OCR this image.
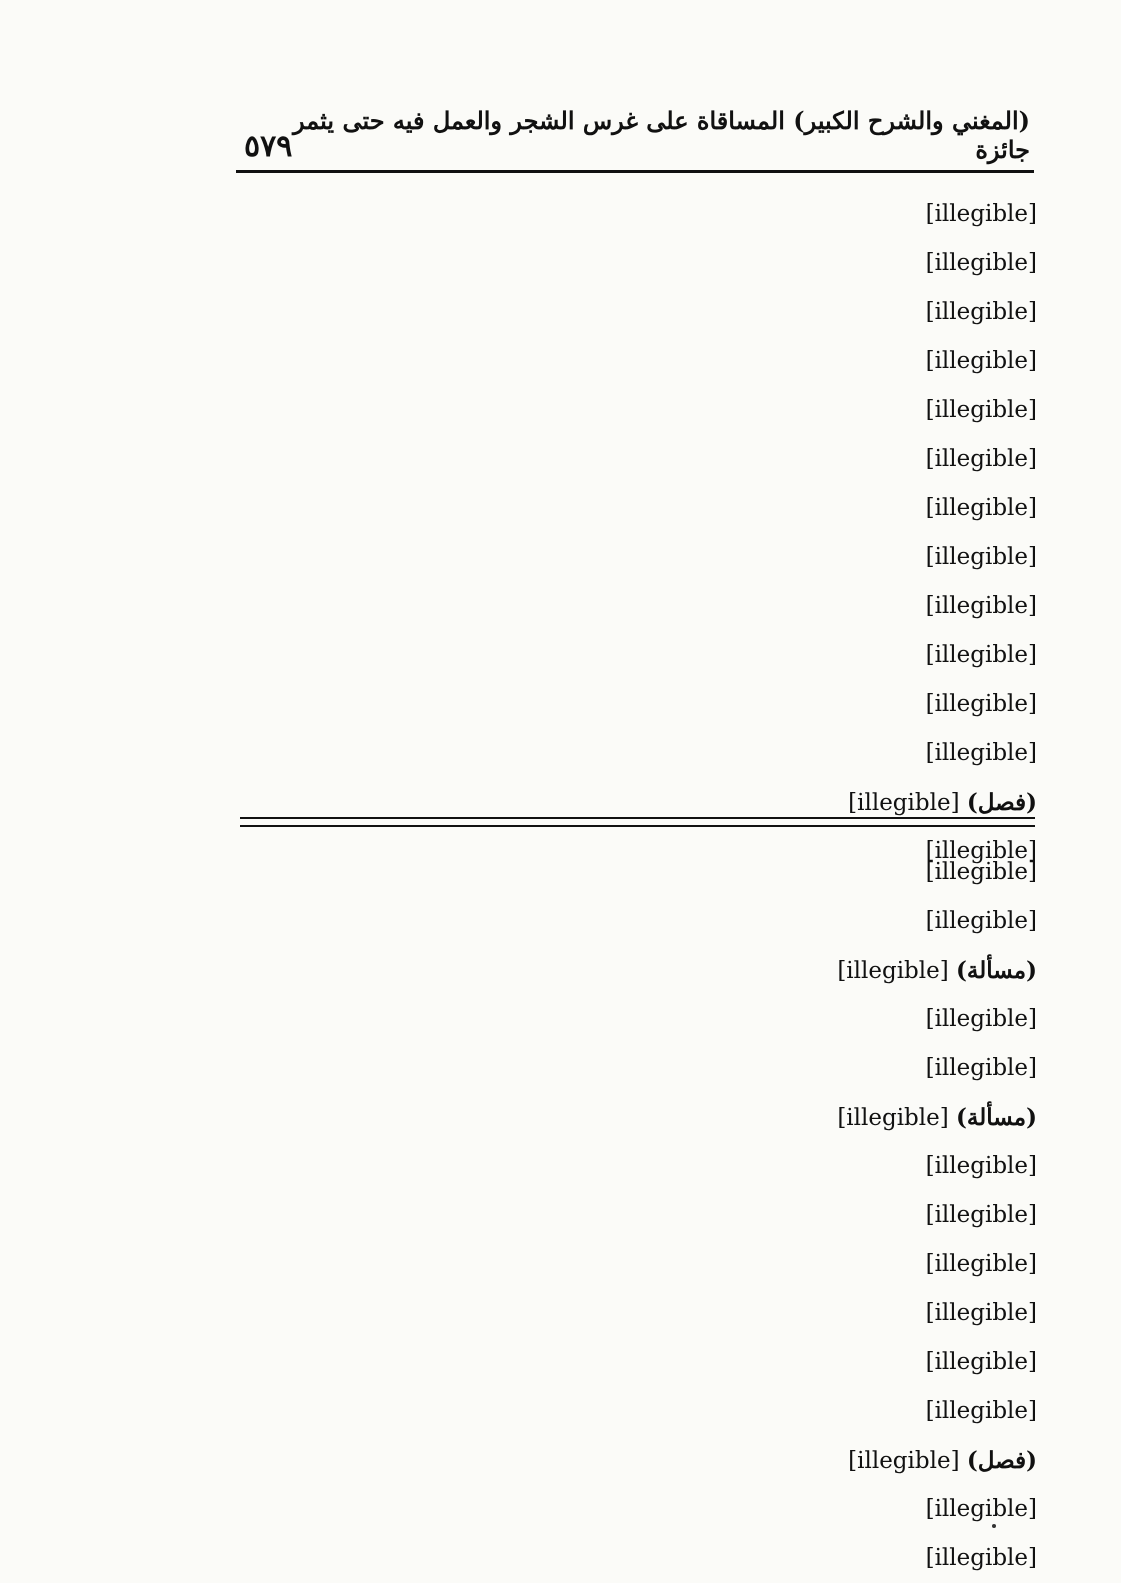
(المغني والشرح الكبير) المساقاة على غرس الشجر والعمل فيه حتى يثمر جائزة
٥٧٩
[illegible]
[illegible]
[illegible]
[illegible]
[illegible]
[illegible]
[illegible]
[illegible]
[illegible]
[illegible]
[illegible]
[illegible]
(فصل) [illegible]
[illegible]
[illegible]
[illegible]
(مسألة) [illegible]
[illegible]
[illegible]
(مسألة) [illegible]
[illegible]
[illegible]
[illegible]
[illegible]
[illegible]
[illegible]
(فصل) [illegible]
[illegible]
[illegible]
